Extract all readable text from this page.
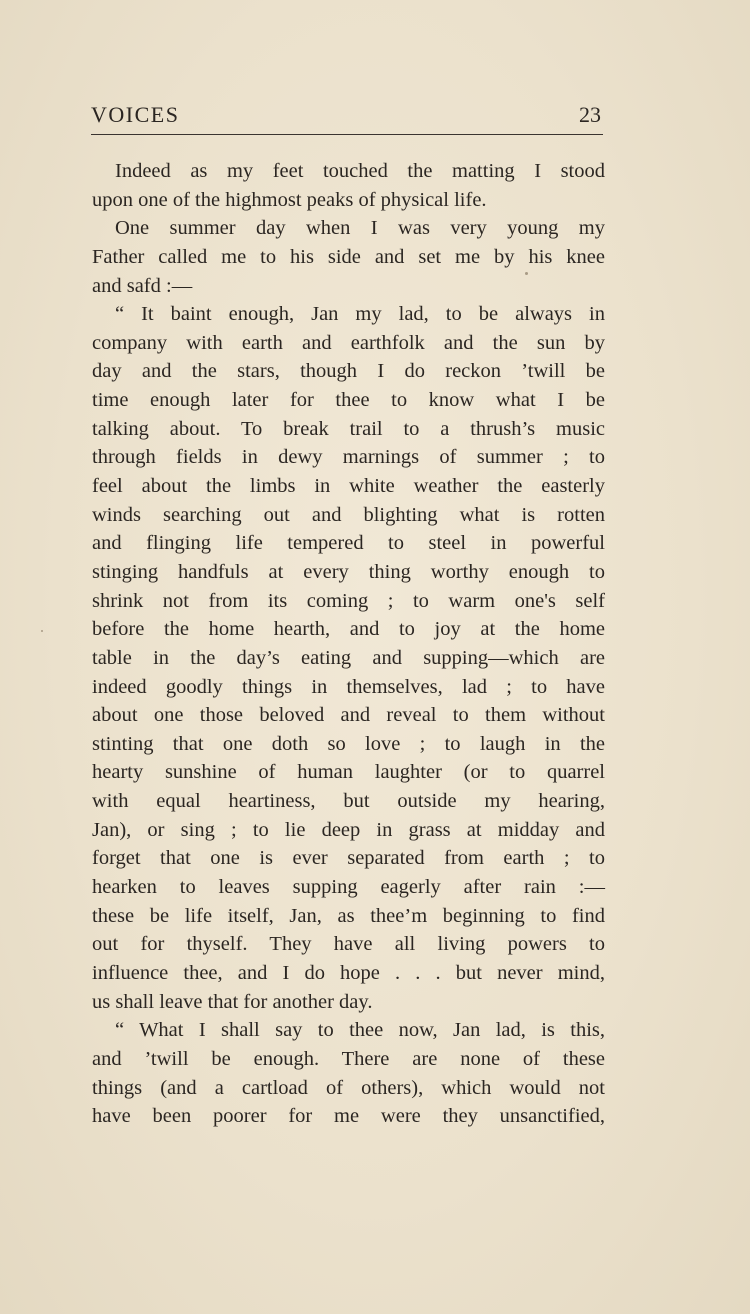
VOICES	23
Indeed as my feet touched the matting I stood
upon one of the highmost peaks of physical life.
One summer day when I was very young my
Father called me to his side and set me by his knee
and safd :—
“ It baint enough, Jan my lad, to be always in
company with earth and earthfolk and the sun by
day and the stars, though I do reckon ’twill be
time enough later for thee to know what I be
talking about. To break trail to a thrush’s music
through fields in dewy marnings of summer ; to
feel about the limbs in white weather the easterly
winds searching out and blighting what is rotten
and flinging life tempered to steel in powerful
stinging handfuls at every thing worthy enough to
shrink not from its coming ; to warm one's self
before the home hearth, and to joy at the home
table in the day’s eating and supping—which are
indeed goodly things in themselves, lad ; to have
about one those beloved and reveal to them without
stinting that one doth so love ; to laugh in the
hearty sunshine of human laughter (or to quarrel
with equal heartiness, but outside my hearing,
Jan), or sing ; to lie deep in grass at midday and
forget that one is ever separated from earth ; to
hearken to leaves supping eagerly after rain :—
these be life itself, Jan, as thee’m beginning to find
out for thyself. They have all living powers to
influence thee, and I do hope . . . but never mind,
us shall leave that for another day.
“ What I shall say to thee now, Jan lad, is this,
and ’twill be enough. There are none of these
things (and a cartload of others), which would not
have been poorer for me were they unsanctified,
